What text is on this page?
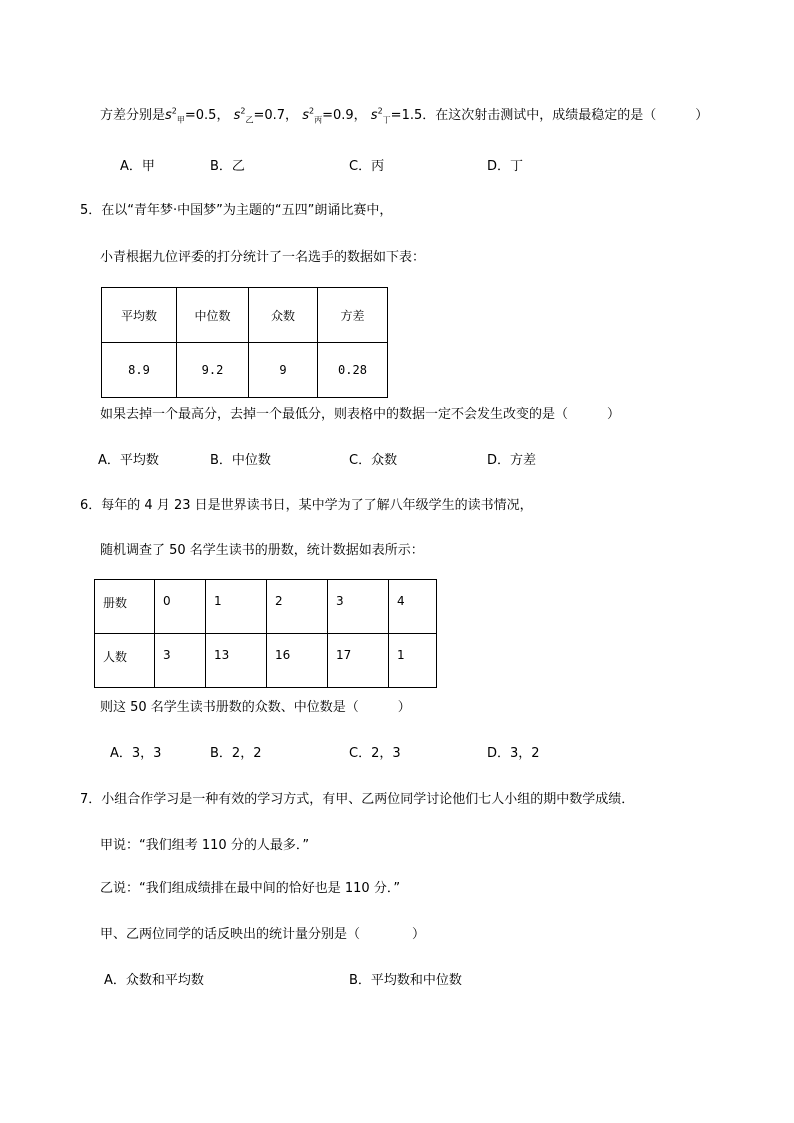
方差分别是$s^2_甲=0.5$， $s^2_乙=0.7$， $s^2_丙=0.9$， $s^2_丁=1.5$．在这次射击测试中，成绩最稳定的是（　　　）
A．甲	B．乙	C．丙	D．丁
5．在以“青年梦·中国梦”为主题的“五四”朗诵比赛中，
小青根据九位评委的打分统计了一名选手的数据如下表：
平均数	中位数	众数	方差
8.9	9.2	9	0.28
如果去掉一个最高分，去掉一个最低分，则表格中的数据一定不会发生改变的是（　　　）
A．平均数	B．中位数	C．众数	D．方差
6．每年的 4 月 23 日是世界读书日，某中学为了了解八年级学生的读书情况，
随机调查了 50 名学生读书的册数，统计数据如表所示：
册数	0	1	2	3	4
人数	3	13	16	17	1
则这 50 名学生读书册数的众数、中位数是（　　　）
A．3，3	B．2，2	C．2，3	D．3，2
7．小组合作学习是一种有效的学习方式，有甲、乙两位同学讨论他们七人小组的期中数学成绩．
甲说：“我们组考 110 分的人最多．”
乙说：“我们组成绩排在最中间的恰好也是 110 分．”
甲、乙两位同学的话反映出的统计量分别是（　　　　）
A．众数和平均数	B．平均数和中位数
